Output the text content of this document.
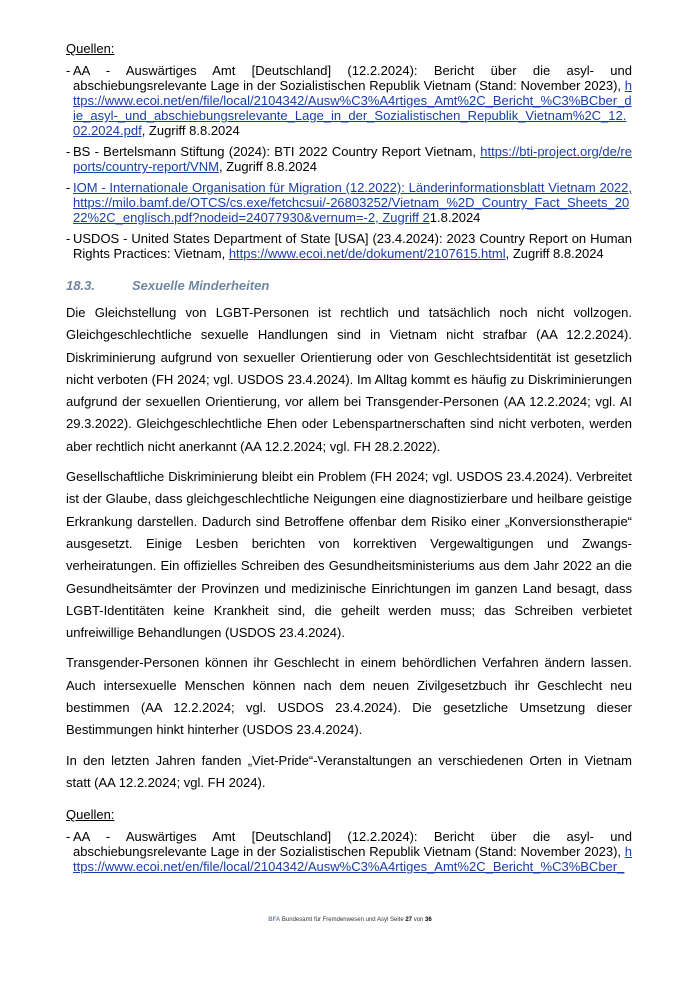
Quellen:
- AA - Auswärtiges Amt [Deutschland] (12.2.2024): Bericht über die asyl- und abschiebungsrelevante Lage in der Sozialistischen Republik Vietnam (Stand: November 2023), https://www.ecoi.net/en/file/local/2104342/Ausw%C3%A4rtiges_Amt%2C_Bericht_%C3%BCber_die_asyl-_und_abschiebungsrelevante_Lage_in_der_Sozialistischen_Republik_Vietnam%2C_12.02.2024.pdf, Zugriff 8.8.2024
- BS - Bertelsmann Stiftung (2024): BTI 2022 Country Report Vietnam, https://bti-project.org/de/reports/country-report/VNM, Zugriff 8.8.2024
- IOM - Internationale Organisation für Migration (12.2022): Länderinformationsblatt Vietnam 2022, https://milo.bamf.de/OTCS/cs.exe/fetchcsui/-26803252/Vietnam_%2D_Country_Fact_Sheets_2022%2C_englisch.pdf?nodeid=24077930&vernum=-2, Zugriff 21.8.2024
- USDOS - United States Department of State [USA] (23.4.2024): 2023 Country Report on Human Rights Practices: Vietnam, https://www.ecoi.net/de/dokument/2107615.html, Zugriff 8.8.2024
18.3.	Sexuelle Minderheiten

Die Gleichstellung von LGBT-Personen ist rechtlich und tatsächlich noch nicht vollzogen. Gleichgeschlechtliche sexuelle Handlungen sind in Vietnam nicht strafbar (AA 12.2.2024). Diskriminierung aufgrund von sexueller Orientierung oder von Geschlechtsidentität ist gesetzlich nicht verboten (FH 2024; vgl. USDOS 23.4.2024). Im Alltag kommt es häufig zu Diskriminierungen aufgrund der sexuellen Orientierung, vor allem bei Transgender-Personen (AA 12.2.2024; vgl. AI 29.3.2022). Gleichgeschlechtliche Ehen oder Lebenspartnerschaften sind nicht verboten, werden aber rechtlich nicht anerkannt (AA 12.2.2024; vgl. FH 28.2.2022).

Gesellschaftliche Diskriminierung bleibt ein Problem (FH 2024; vgl. USDOS 23.4.2024). Verbreitet ist der Glaube, dass gleichgeschlechtliche Neigungen eine diagnostizierbare und heilbare geistige Erkrankung darstellen. Dadurch sind Betroffene offenbar dem Risiko einer „Konversionstherapie“ ausgesetzt. Einige Lesben berichten von korrektiven Vergewaltigungen und Zwangsverheiratungen. Ein offizielles Schreiben des Gesundheitsministeriums aus dem Jahr 2022 an die Gesundheitsämter der Provinzen und medizinische Einrichtungen im ganzen Land besagt, dass LGBT-Identitäten keine Krankheit sind, die geheilt werden muss; das Schreiben verbietet unfreiwillige Behandlungen (USDOS 23.4.2024).

Transgender-Personen können ihr Geschlecht in einem behördlichen Verfahren ändern lassen. Auch intersexuelle Menschen können nach dem neuen Zivilgesetzbuch ihr Geschlecht neu bestimmen (AA 12.2.2024; vgl. USDOS 23.4.2024). Die gesetzliche Umsetzung dieser Bestimmungen hinkt hinterher (USDOS 23.4.2024).

In den letzten Jahren fanden „Viet-Pride“-Veranstaltungen an verschiedenen Orten in Vietnam statt (AA 12.2.2024; vgl. FH 2024).

Quellen:
- AA - Auswärtiges Amt [Deutschland] (12.2.2024): Bericht über die asyl- und abschiebungsrelevante Lage in der Sozialistischen Republik Vietnam (Stand: November 2023), https://www.ecoi.net/en/file/local/2104342/Ausw%C3%A4rtiges_Amt%2C_Bericht_%C3%BCber_
BFA Bundesamt für Fremdenwesen und Asyl Seite 27 von 36
